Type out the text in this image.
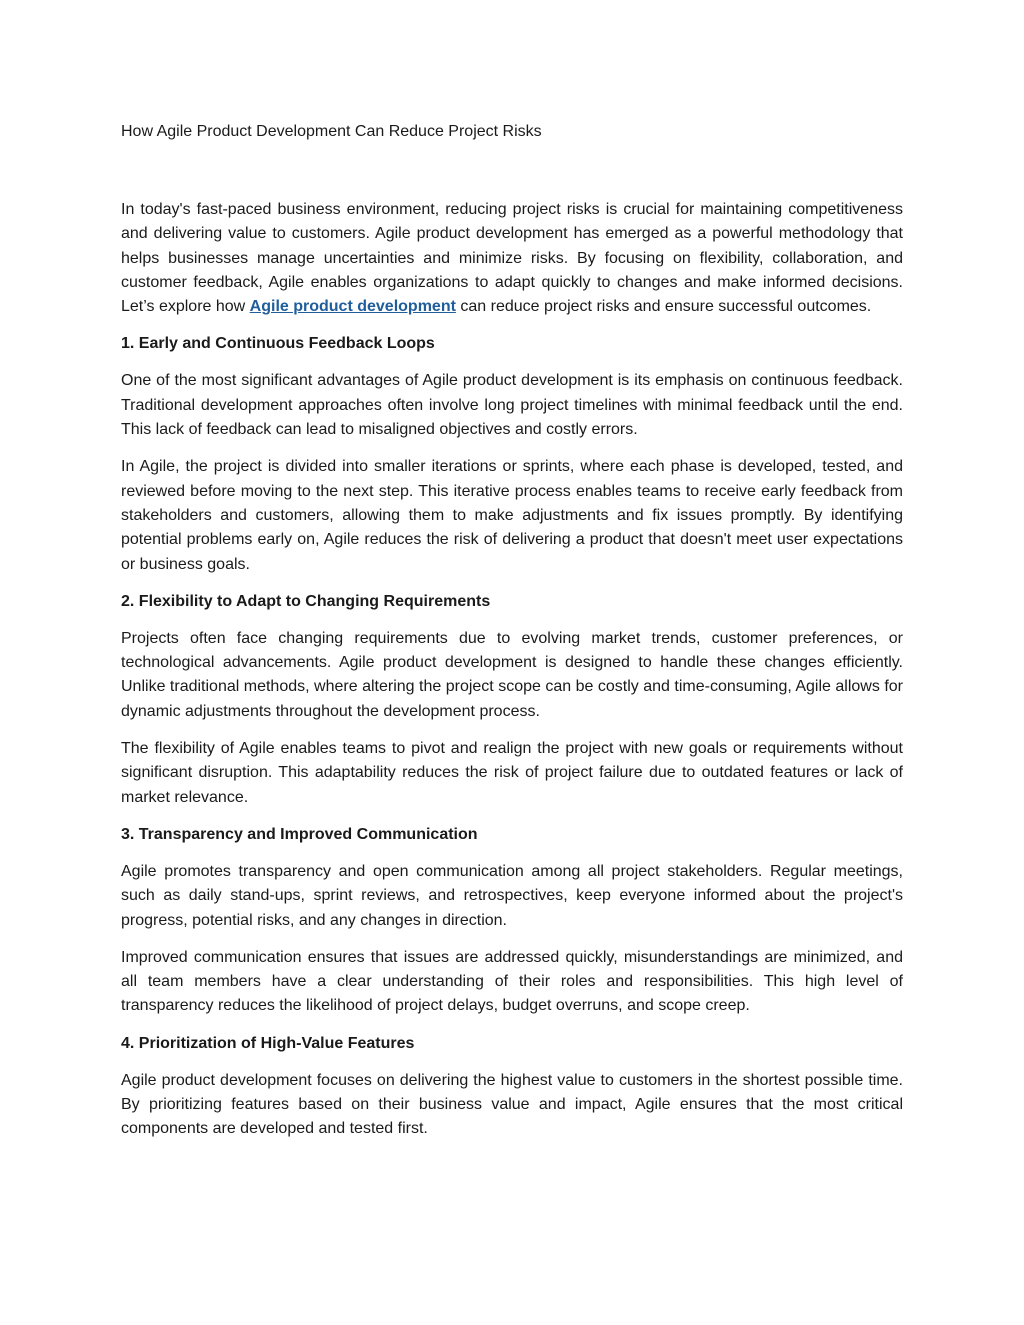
How Agile Product Development Can Reduce Project Risks

In today's fast-paced business environment, reducing project risks is crucial for maintaining competitiveness and delivering value to customers. Agile product development has emerged as a powerful methodology that helps businesses manage uncertainties and minimize risks. By focusing on flexibility, collaboration, and customer feedback, Agile enables organizations to adapt quickly to changes and make informed decisions. Let’s explore how Agile product development can reduce project risks and ensure successful outcomes.

1. Early and Continuous Feedback Loops

One of the most significant advantages of Agile product development is its emphasis on continuous feedback. Traditional development approaches often involve long project timelines with minimal feedback until the end. This lack of feedback can lead to misaligned objectives and costly errors.

In Agile, the project is divided into smaller iterations or sprints, where each phase is developed, tested, and reviewed before moving to the next step. This iterative process enables teams to receive early feedback from stakeholders and customers, allowing them to make adjustments and fix issues promptly. By identifying potential problems early on, Agile reduces the risk of delivering a product that doesn't meet user expectations or business goals.

2. Flexibility to Adapt to Changing Requirements

Projects often face changing requirements due to evolving market trends, customer preferences, or technological advancements. Agile product development is designed to handle these changes efficiently. Unlike traditional methods, where altering the project scope can be costly and time-consuming, Agile allows for dynamic adjustments throughout the development process.

The flexibility of Agile enables teams to pivot and realign the project with new goals or requirements without significant disruption. This adaptability reduces the risk of project failure due to outdated features or lack of market relevance.

3. Transparency and Improved Communication

Agile promotes transparency and open communication among all project stakeholders. Regular meetings, such as daily stand-ups, sprint reviews, and retrospectives, keep everyone informed about the project's progress, potential risks, and any changes in direction.

Improved communication ensures that issues are addressed quickly, misunderstandings are minimized, and all team members have a clear understanding of their roles and responsibilities. This high level of transparency reduces the likelihood of project delays, budget overruns, and scope creep.

4. Prioritization of High-Value Features

Agile product development focuses on delivering the highest value to customers in the shortest possible time. By prioritizing features based on their business value and impact, Agile ensures that the most critical components are developed and tested first.
